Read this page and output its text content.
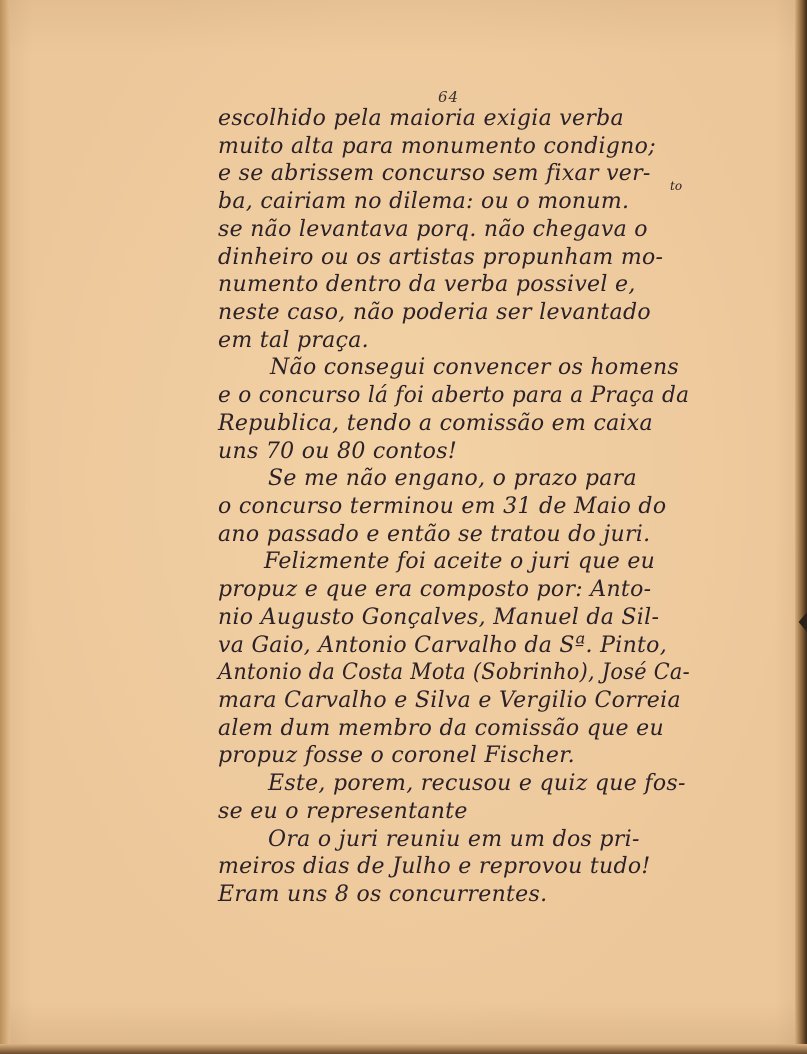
64
escolhido pela maioria exigia verba
muito alta para monumento condigno;
e se abrissem concurso sem fixar ver-
ba, cairiam no dilema: ou o monum.
to
se não levantava porq. não chegava o
dinheiro ou os artistas propunham mo-
numento dentro da verba possivel e,
neste caso, não poderia ser levantado
em tal praça.
Não consegui convencer os homens
e o concurso lá foi aberto para a Praça da
Republica, tendo a comissão em caixa
uns 70 ou 80 contos!
Se me não engano, o prazo para
o concurso terminou em 31 de Maio do
ano passado e então se tratou do juri.
Felizmente foi aceite o juri que eu
propuz e que era composto por: Anto-
nio Augusto Gonçalves, Manuel da Sil-
va Gaio, Antonio Carvalho da Sª. Pinto,
Antonio da Costa Mota (Sobrinho), José Ca-
mara Carvalho e Silva e Vergilio Correia
alem dum membro da comissão que eu
propuz fosse o coronel Fischer.
Este, porem, recusou e quiz que fos-
se eu o representante
Ora o juri reuniu em um dos pri-
meiros dias de Julho e reprovou tudo!
Eram uns 8 os concurrentes.
